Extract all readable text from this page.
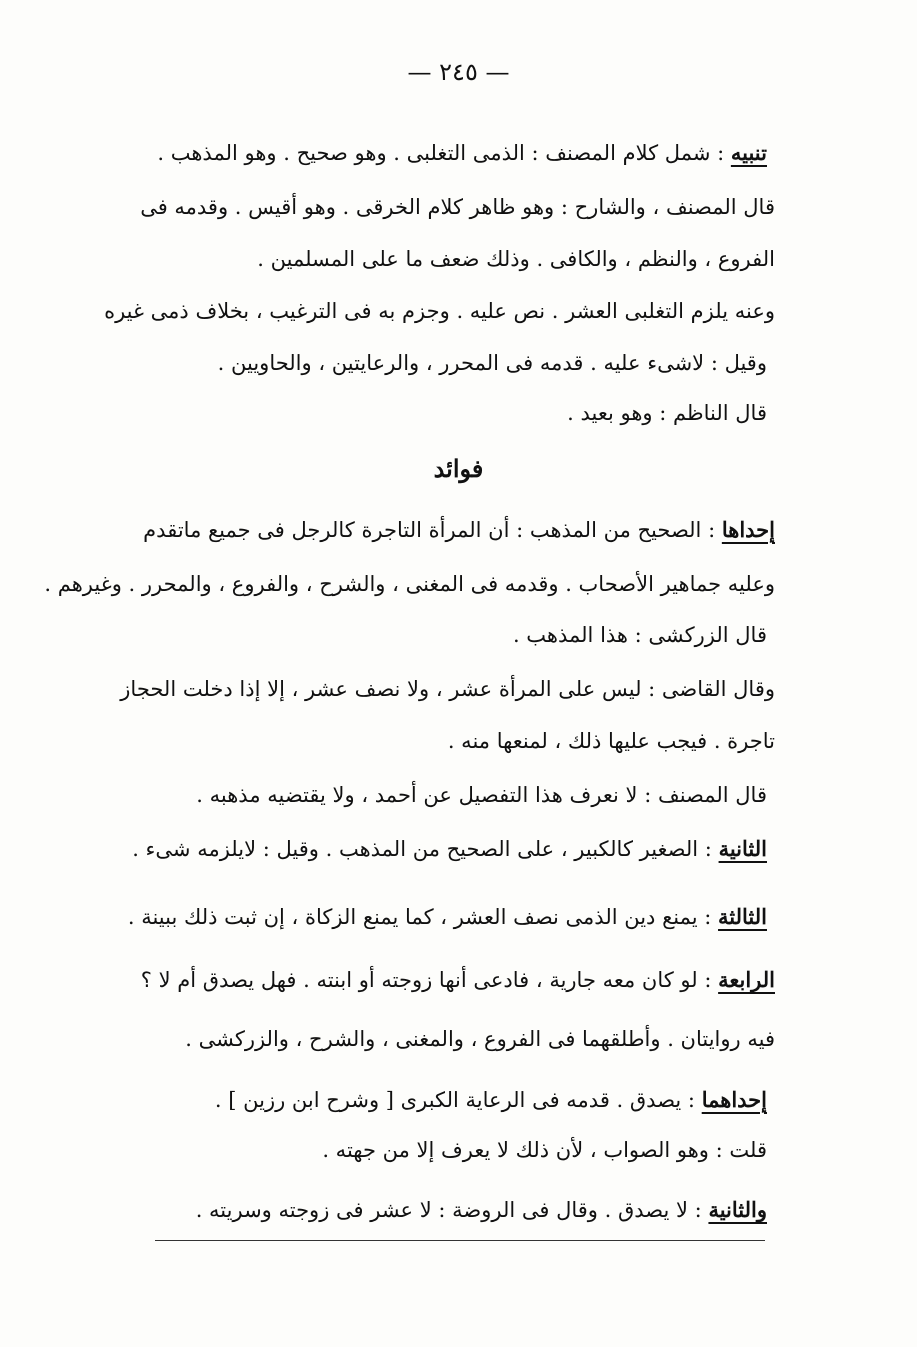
— ٢٤٥ —
تنبيه : شمل كلام المصنف : الذمى التغلبى . وهو صحيح . وهو المذهب .
قال المصنف ، والشارح : وهو ظاهر كلام الخرقى . وهو أقيس . وقدمه فى
الفروع ، والنظم ، والكافى . وذلك ضعف ما على المسلمين .
وعنه يلزم التغلبى العشر . نص عليه . وجزم به فى الترغيب ، بخلاف ذمى غيره
وقيل : لاشىء عليه . قدمه فى المحرر ، والرعايتين ، والحاويين .
قال الناظم : وهو بعيد .
فوائد
إحداها : الصحيح من المذهب : أن المرأة التاجرة كالرجل فى جميع ماتقدم
وعليه جماهير الأصحاب . وقدمه فى المغنى ، والشرح ، والفروع ، والمحرر . وغيرهم .
قال الزركشى : هذا المذهب .
وقال القاضى : ليس على المرأة عشر ، ولا نصف عشر ، إلا إذا دخلت الحجاز
تاجرة . فيجب عليها ذلك ، لمنعها منه .
قال المصنف : لا نعرف هذا التفصيل عن أحمد ، ولا يقتضيه مذهبه .
الثانية : الصغير كالكبير ، على الصحيح من المذهب . وقيل : لايلزمه شىء .
الثالثة : يمنع دين الذمى نصف العشر ، كما يمنع الزكاة ، إن ثبت ذلك ببينة .
الرابعة : لو كان معه جارية ، فادعى أنها زوجته أو ابنته . فهل يصدق أم لا ؟
فيه روايتان . وأطلقهما فى الفروع ، والمغنى ، والشرح ، والزركشى .
إحداهما : يصدق . قدمه فى الرعاية الكبرى [ وشرح ابن رزين ] .
قلت : وهو الصواب ، لأن ذلك لا يعرف إلا من جهته .
والثانية : لا يصدق . وقال فى الروضة : لا عشر فى زوجته وسريته .
